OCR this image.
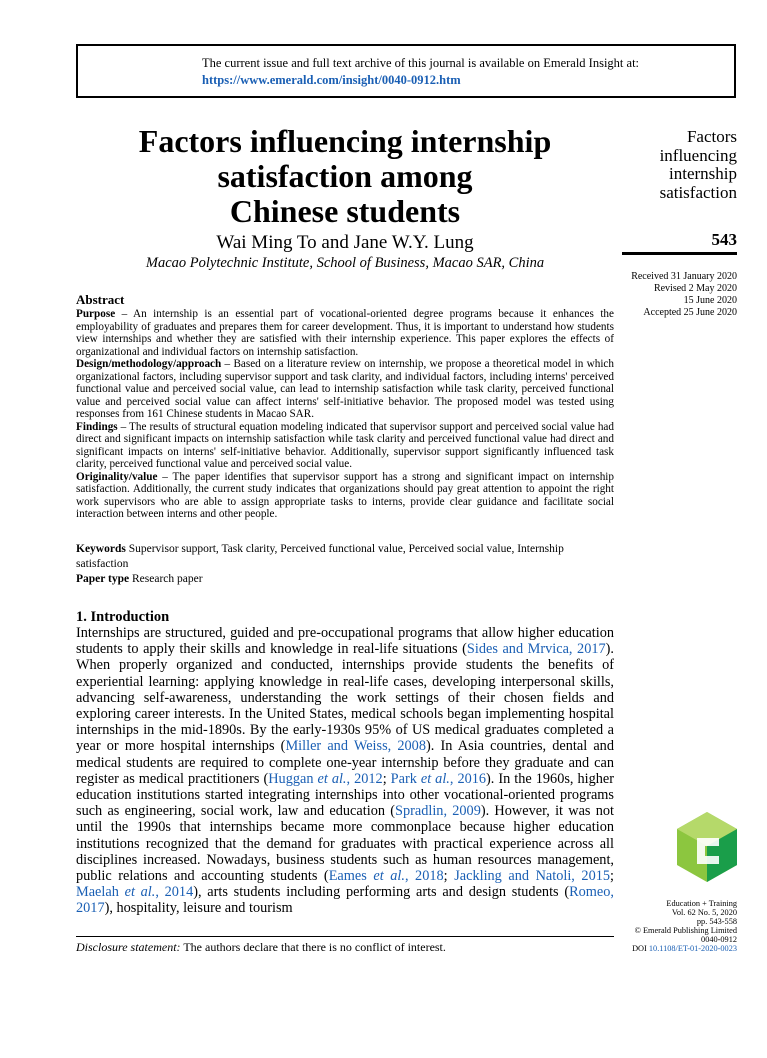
The current issue and full text archive of this journal is available on Emerald Insight at:
https://www.emerald.com/insight/0040-0912.htm
Factors influencing internship
satisfaction among
Chinese students
Wai Ming To and Jane W.Y. Lung
Macao Polytechnic Institute, School of Business, Macao SAR, China
Factors
influencing
internship
satisfaction
543
Received 31 January 2020
Revised 2 May 2020
15 June 2020
Accepted 25 June 2020
Abstract

Purpose – An internship is an essential part of vocational-oriented degree programs because it enhances the employability of graduates and prepares them for career development. Thus, it is important to understand how students view internships and whether they are satisfied with their internship experience. This paper explores the effects of organizational and individual factors on internship satisfaction.

Design/methodology/approach – Based on a literature review on internship, we propose a theoretical model in which organizational factors, including supervisor support and task clarity, and individual factors, including interns' perceived functional value and perceived social value, can lead to internship satisfaction while task clarity, perceived functional value and perceived social value can affect interns' self-initiative behavior. The proposed model was tested using responses from 161 Chinese students in Macao SAR.

Findings – The results of structural equation modeling indicated that supervisor support and perceived social value had direct and significant impacts on internship satisfaction while task clarity and perceived functional value had direct and significant impacts on interns' self-initiative behavior. Additionally, supervisor support significantly influenced task clarity, perceived functional value and perceived social value.

Originality/value – The paper identifies that supervisor support has a strong and significant impact on internship satisfaction. Additionally, the current study indicates that organizations should pay great attention to appoint the right work supervisors who are able to assign appropriate tasks to interns, provide clear guidance and facilitate social interaction between interns and other people.

Keywords Supervisor support, Task clarity, Perceived functional value, Perceived social value, Internship satisfaction
Paper type Research paper
1. Introduction

Internships are structured, guided and pre-occupational programs that allow higher education students to apply their skills and knowledge in real-life situations (Sides and Mrvica, 2017). When properly organized and conducted, internships provide students the benefits of experiential learning: applying knowledge in real-life cases, developing interpersonal skills, advancing self-awareness, understanding the work settings of their chosen fields and exploring career interests. In the United States, medical schools began implementing hospital internships in the mid-1890s. By the early-1930s 95% of US medical graduates completed a year or more hospital internships (Miller and Weiss, 2008). In Asia countries, dental and medical students are required to complete one-year internship before they graduate and can register as medical practitioners (Huggan et al., 2012; Park et al., 2016). In the 1960s, higher education institutions started integrating internships into other vocational-oriented programs such as engineering, social work, law and education (Spradlin, 2009). However, it was not until the 1990s that internships became more commonplace because higher education institutions recognized that the demand for graduates with practical experience across all disciplines increased. Nowadays, business students such as human resources management, public relations and accounting students (Eames et al., 2018; Jackling and Natoli, 2015; Maelah et al., 2014), arts students including performing arts and design students (Romeo, 2017), hospitality, leisure and tourism

Disclosure statement: The authors declare that there is no conflict of interest.
Education + Training
Vol. 62 No. 5, 2020
pp. 543-558
© Emerald Publishing Limited
0040-0912
DOI 10.1108/ET-01-2020-0023
